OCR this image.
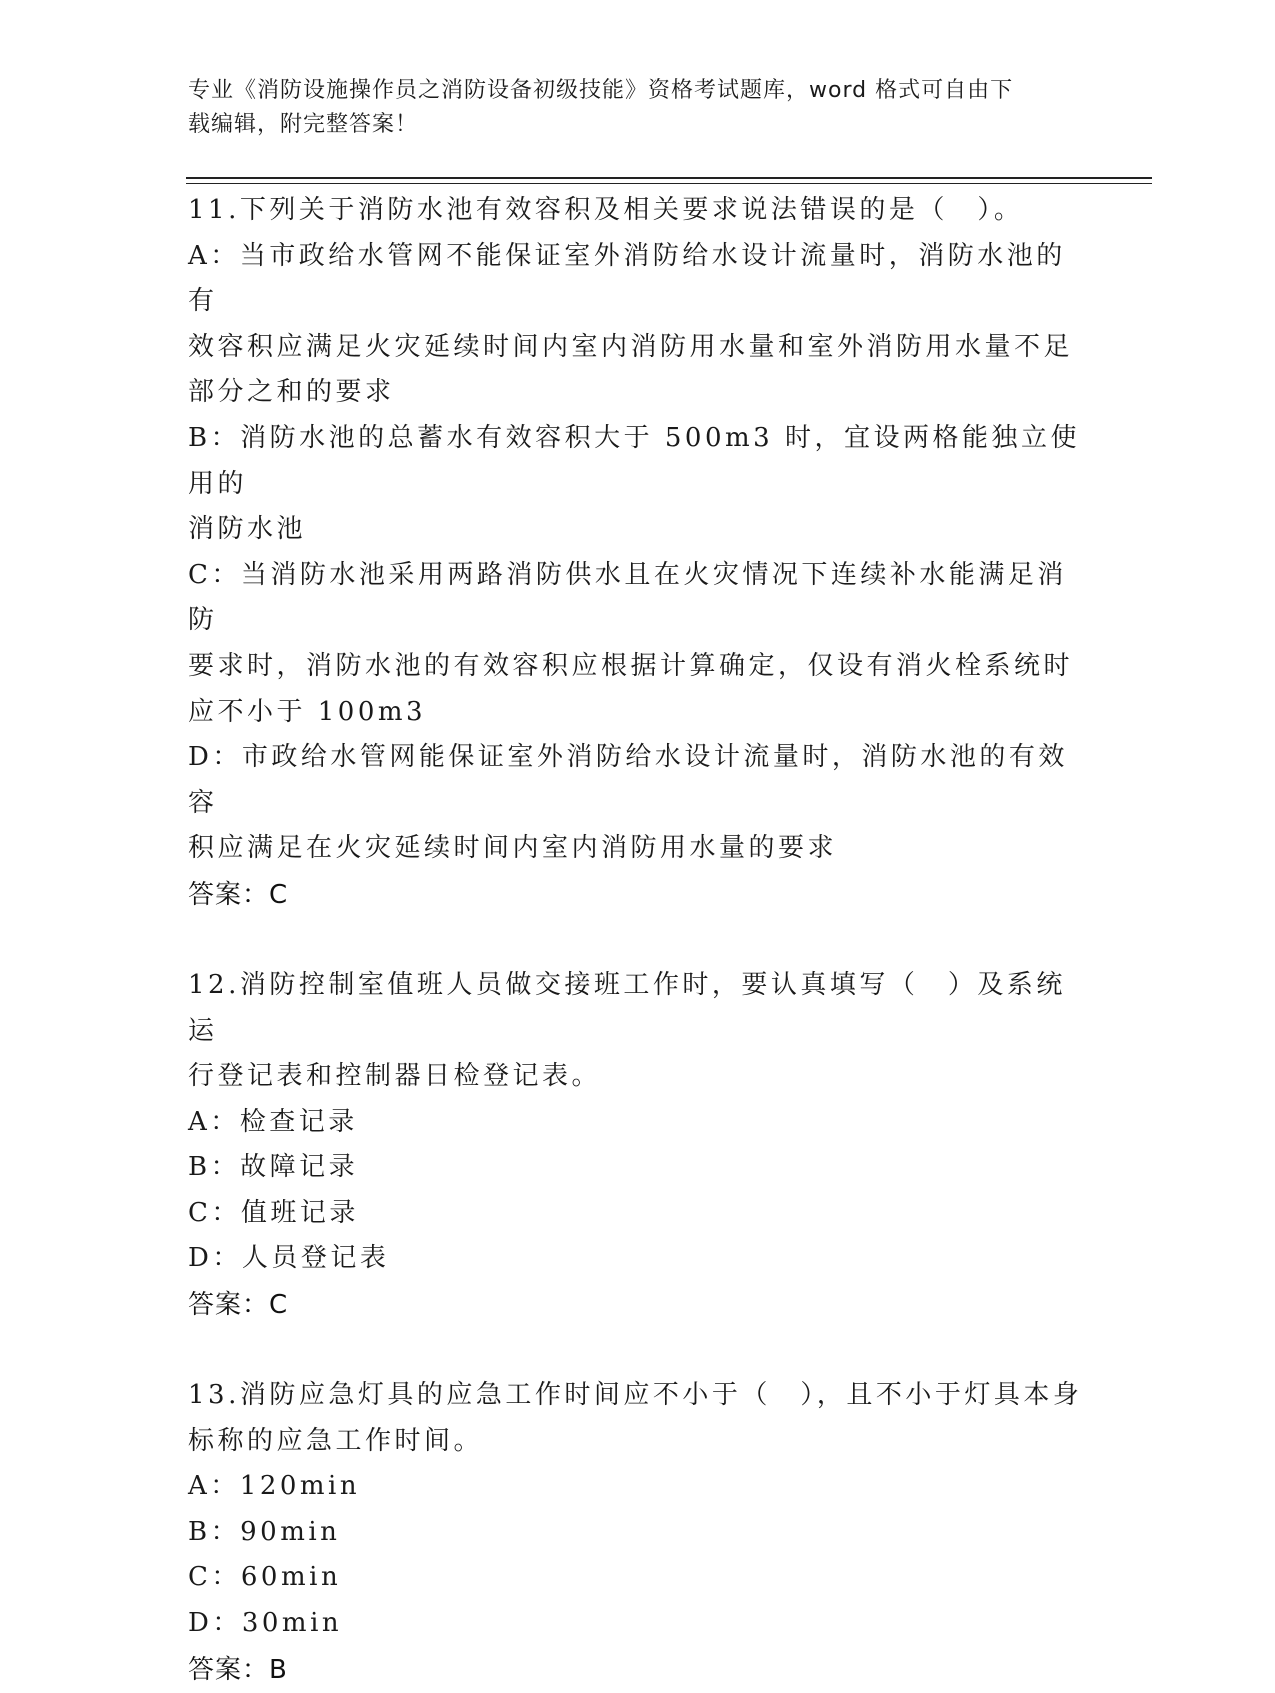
专业《消防设施操作员之消防设备初级技能》资格考试题库，word 格式可自由下
载编辑，附完整答案！
11.下列关于消防水池有效容积及相关要求说法错误的是（　）。
A：当市政给水管网不能保证室外消防给水设计流量时，消防水池的有
效容积应满足火灾延续时间内室内消防用水量和室外消防用水量不足
部分之和的要求
B：消防水池的总蓄水有效容积大于 500m3 时，宜设两格能独立使用的
消防水池
C：当消防水池采用两路消防供水且在火灾情况下连续补水能满足消防
要求时，消防水池的有效容积应根据计算确定，仅设有消火栓系统时
应不小于 100m3
D：市政给水管网能保证室外消防给水设计流量时，消防水池的有效容
积应满足在火灾延续时间内室内消防用水量的要求
答案：C
12.消防控制室值班人员做交接班工作时，要认真填写（　）及系统运
行登记表和控制器日检登记表。
A：检查记录
B：故障记录
C：值班记录
D：人员登记表
答案：C
13.消防应急灯具的应急工作时间应不小于（　），且不小于灯具本身
标称的应急工作时间。
A：120min
B：90min
C：60min
D：30min
答案：B
